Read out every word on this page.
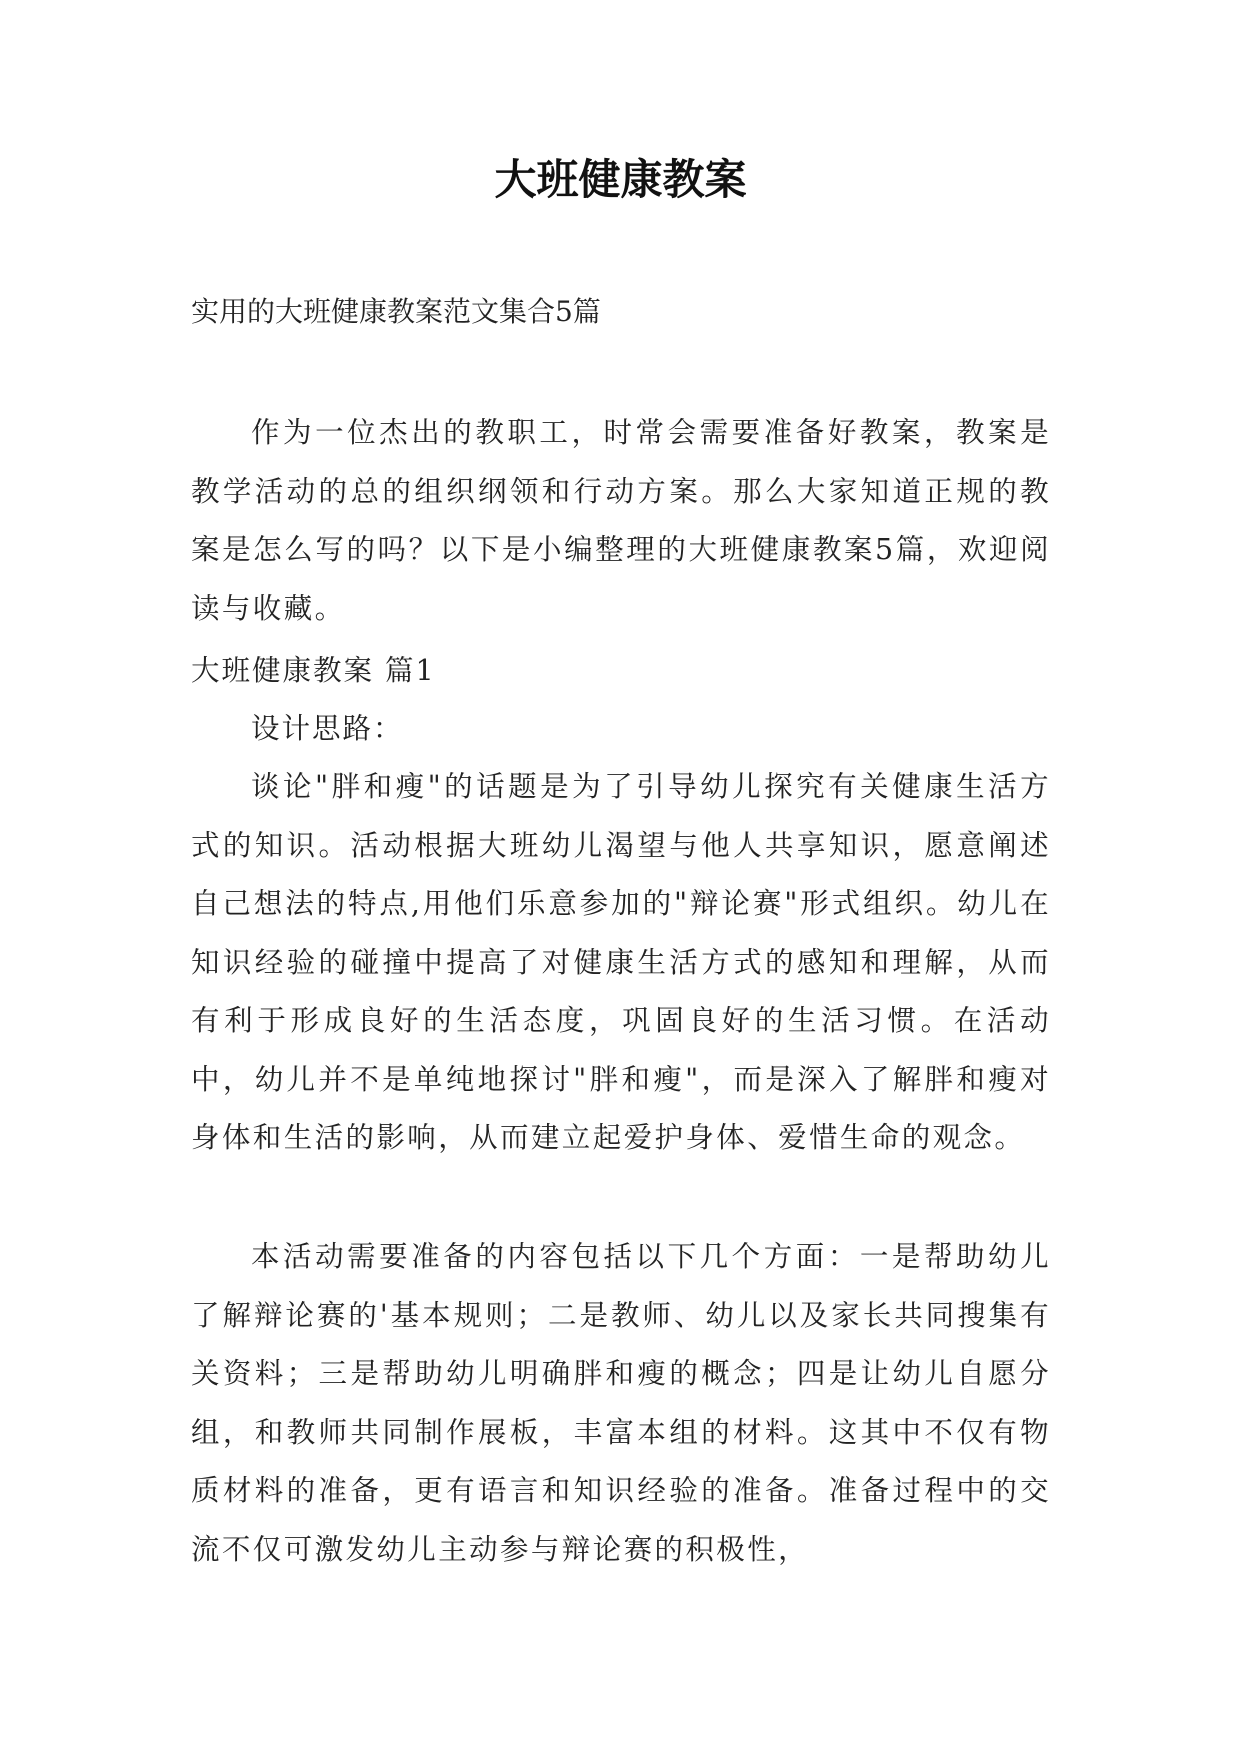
大班健康教案

实用的大班健康教案范文集合5篇

作为一位杰出的教职工，时常会需要准备好教案，教案是教学活动的总的组织纲领和行动方案。那么大家知道正规的教案是怎么写的吗？以下是小编整理的大班健康教案5篇，欢迎阅读与收藏。

大班健康教案 篇1

设计思路：

谈论"胖和瘦"的话题是为了引导幼儿探究有关健康生活方式的知识。活动根据大班幼儿渴望与他人共享知识，愿意阐述自己想法的特点,用他们乐意参加的"辩论赛"形式组织。幼儿在知识经验的碰撞中提高了对健康生活方式的感知和理解，从而有利于形成良好的生活态度，巩固良好的生活习惯。在活动中，幼儿并不是单纯地探讨"胖和瘦"，而是深入了解胖和瘦对身体和生活的影响，从而建立起爱护身体、爱惜生命的观念。

本活动需要准备的内容包括以下几个方面：一是帮助幼儿了解辩论赛的'基本规则；二是教师、幼儿以及家长共同搜集有关资料；三是帮助幼儿明确胖和瘦的概念；四是让幼儿自愿分组，和教师共同制作展板，丰富本组的材料。这其中不仅有物质材料的准备，更有语言和知识经验的准备。准备过程中的交流不仅可激发幼儿主动参与辩论赛的积极性，
